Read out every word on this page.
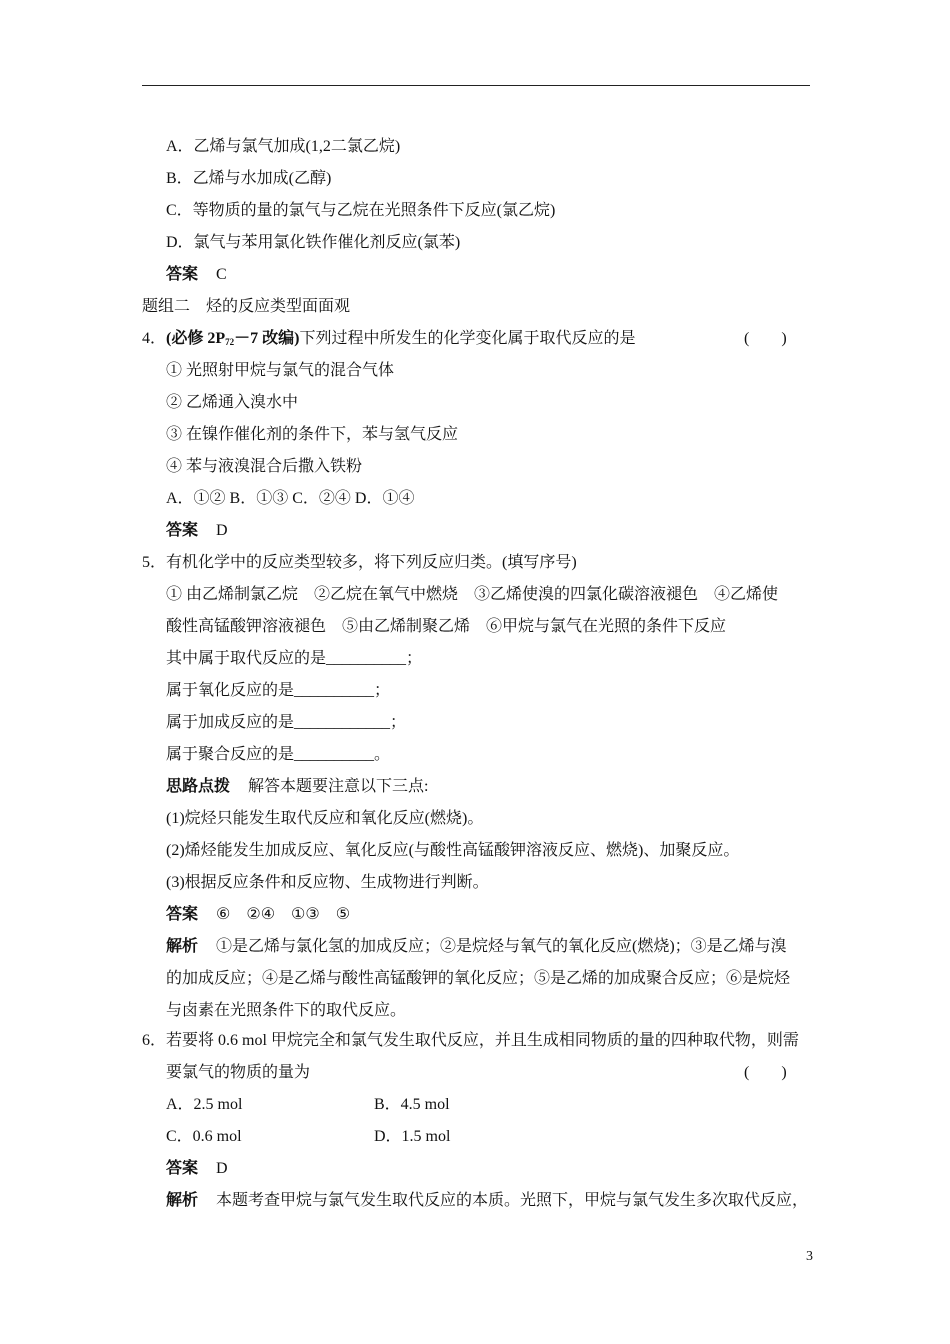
A．乙烯与氯气加成(1,2二氯乙烷)
B．乙烯与水加成(乙醇)
C．等物质的量的氯气与乙烷在光照条件下反应(氯乙烷)
D．氯气与苯用氯化铁作催化剂反应(氯苯)
答案 C
题组二　烃的反应类型面面观
4．(必修 $2P_{72}-7$ 改编)下列过程中所发生的化学变化属于取代反应的是	(　　)
① 光照射甲烷与氯气的混合气体
② 乙烯通入溴水中
③ 在镍作催化剂的条件下，苯与氢气反应
④ 苯与液溴混合后撒入铁粉
A．①② B．①③ C．②④ D．①④
答案 D
5．有机化学中的反应类型较多，将下列反应归类。(填写序号)
① 由乙烯制氯乙烷　②乙烷在氧气中燃烧　③乙烯使溴的四氯化碳溶液褪色　④乙烯使
酸性高锰酸钾溶液褪色　⑤由乙烯制聚乙烯　⑥甲烷与氯气在光照的条件下反应
其中属于取代反应的是__________；
属于氧化反应的是__________；
属于加成反应的是____________；
属于聚合反应的是__________。
思路点拨 解答本题要注意以下三点:
(1)烷烃只能发生取代反应和氧化反应(燃烧)。
(2)烯烃能发生加成反应、氧化反应(与酸性高锰酸钾溶液反应、燃烧)、加聚反应。
(3)根据反应条件和反应物、生成物进行判断。
答案 ⑥　②④　①③　⑤
解析 ①是乙烯与氯化氢的加成反应；②是烷烃与氧气的氧化反应(燃烧)；③是乙烯与溴
的加成反应；④是乙烯与酸性高锰酸钾的氧化反应；⑤是乙烯的加成聚合反应；⑥是烷烃
与卤素在光照条件下的取代反应。
6．若要将 0.6 mol 甲烷完全和氯气发生取代反应，并且生成相同物质的量的四种取代物，则需
要氯气的物质的量为	(　　)
A．2.5 mol	B．4.5 mol
C．0.6 mol	D．1.5 mol
答案 D
解析 本题考查甲烷与氯气发生取代反应的本质。光照下，甲烷与氯气发生多次取代反应，
3
